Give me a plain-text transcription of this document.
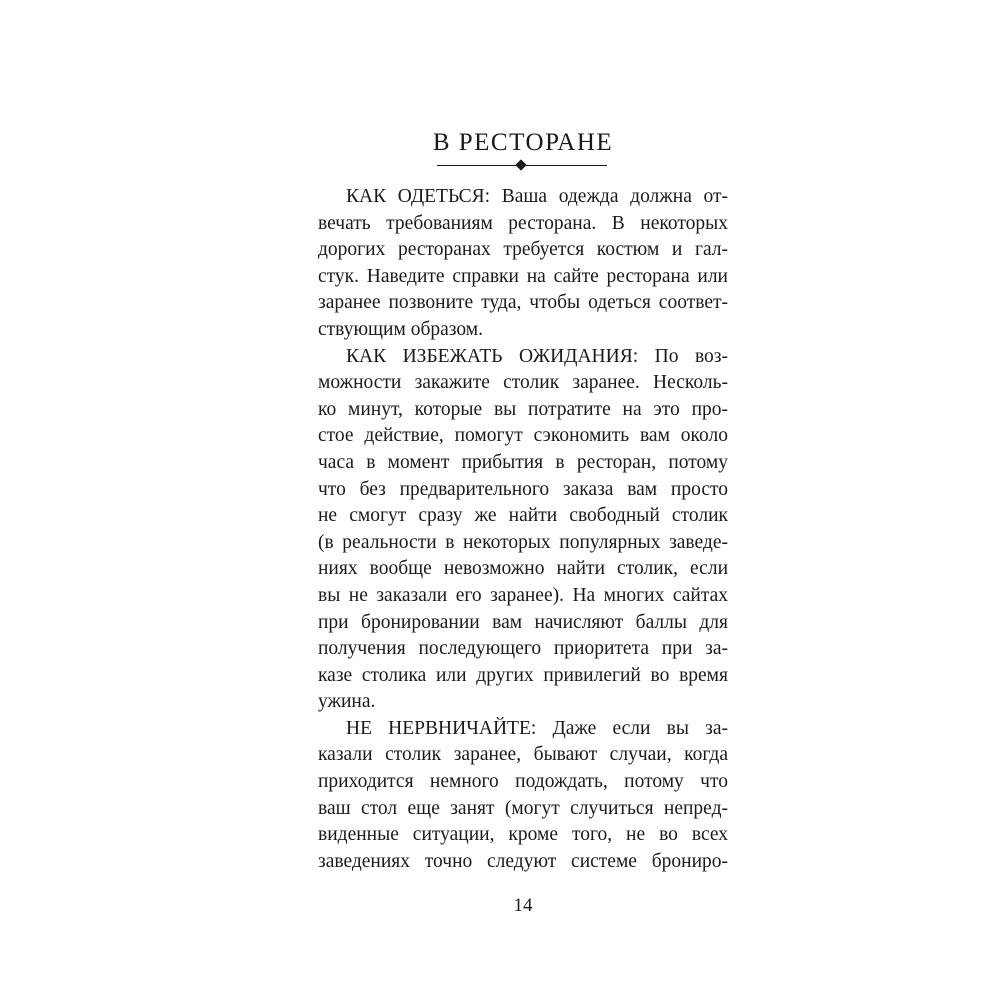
В РЕСТОРАНЕ
КАК ОДЕТЬСЯ: Ваша одежда должна от-
вечать требованиям ресторана. В некоторых
дорогих ресторанах требуется костюм и гал-
стук. Наведите справки на сайте ресторана или
заранее позвоните туда, чтобы одеться соответ-
ствующим образом.
КАК ИЗБЕЖАТЬ ОЖИДАНИЯ: По воз-
можности закажите столик заранее. Несколь-
ко минут, которые вы потратите на это про-
стое действие, помогут сэкономить вам около
часа в момент прибытия в ресторан, потому
что без предварительного заказа вам просто
не смогут сразу же найти свободный столик
(в реальности в некоторых популярных заведе-
ниях вообще невозможно найти столик, если
вы не заказали его заранее). На многих сайтах
при бронировании вам начисляют баллы для
получения последующего приоритета при за-
казе столика или других привилегий во время
ужина.
НЕ НЕРВНИЧАЙТЕ: Даже если вы за-
казали столик заранее, бывают случаи, когда
приходится немного подождать, потому что
ваш стол еще занят (могут случиться непред-
виденные ситуации, кроме того, не во всех
заведениях точно следуют системе брониро-
14
